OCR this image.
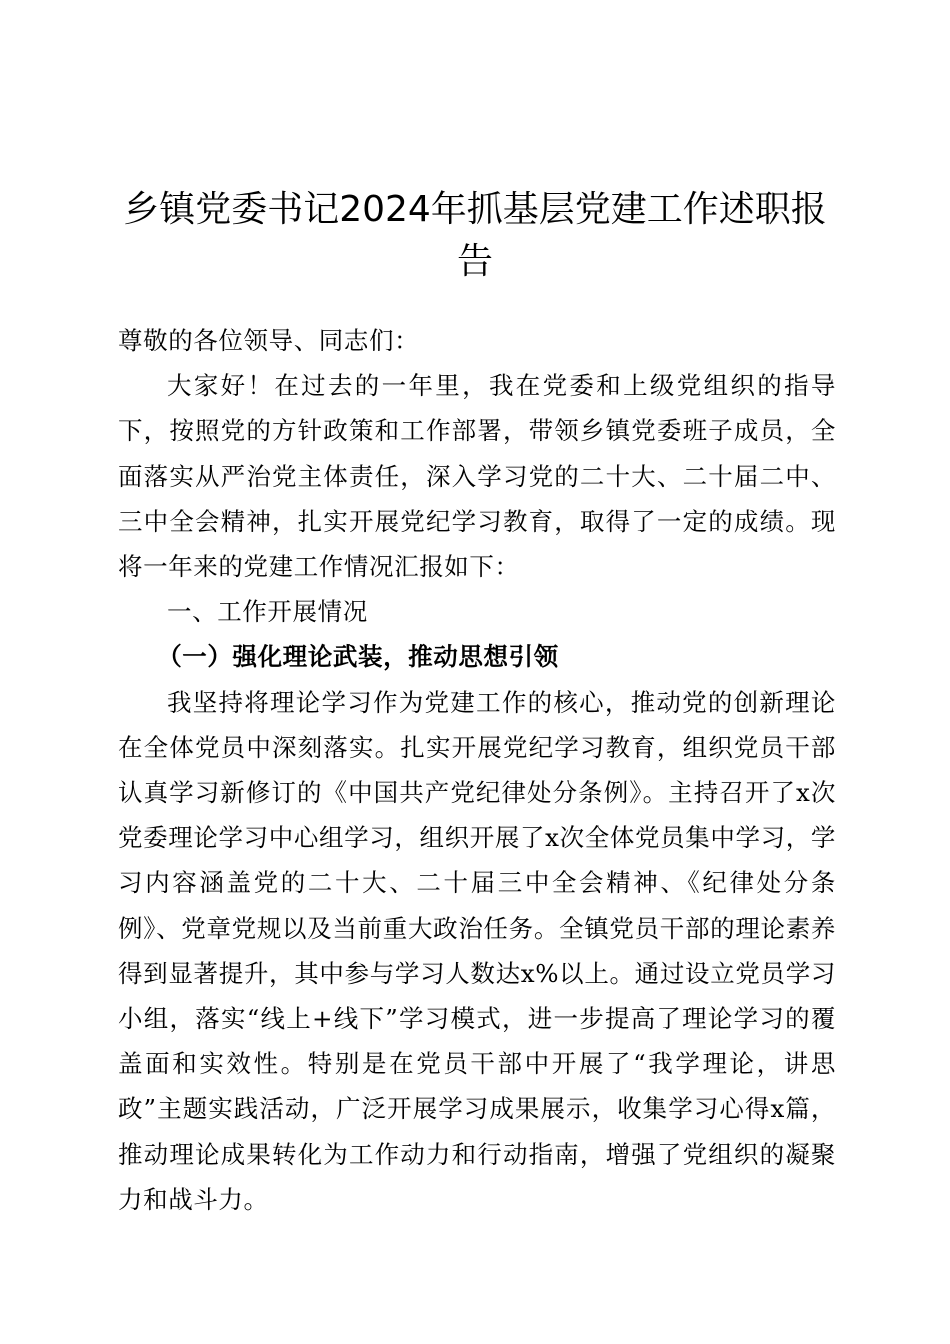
乡镇党委书记2024年抓基层党建工作述职报告

尊敬的各位领导、同志们：

大家好！在过去的一年里，我在党委和上级党组织的指导下，按照党的方针政策和工作部署，带领乡镇党委班子成员，全面落实从严治党主体责任，深入学习党的二十大、二十届二中、三中全会精神，扎实开展党纪学习教育，取得了一定的成绩。现将一年来的党建工作情况汇报如下：

一、工作开展情况

（一）强化理论武装，推动思想引领

我坚持将理论学习作为党建工作的核心，推动党的创新理论在全体党员中深刻落实。扎实开展党纪学习教育，组织党员干部认真学习新修订的《中国共产党纪律处分条例》。主持召开了x次党委理论学习中心组学习，组织开展了x次全体党员集中学习，学习内容涵盖党的二十大、二十届三中全会精神、《纪律处分条例》、党章党规以及当前重大政治任务。全镇党员干部的理论素养得到显著提升，其中参与学习人数达x%以上。通过设立党员学习小组，落实“线上+线下”学习模式，进一步提高了理论学习的覆盖面和实效性。特别是在党员干部中开展了“我学理论，讲思政”主题实践活动，广泛开展学习成果展示，收集学习心得x篇，推动理论成果转化为工作动力和行动指南，增强了党组织的凝聚力和战斗力。
